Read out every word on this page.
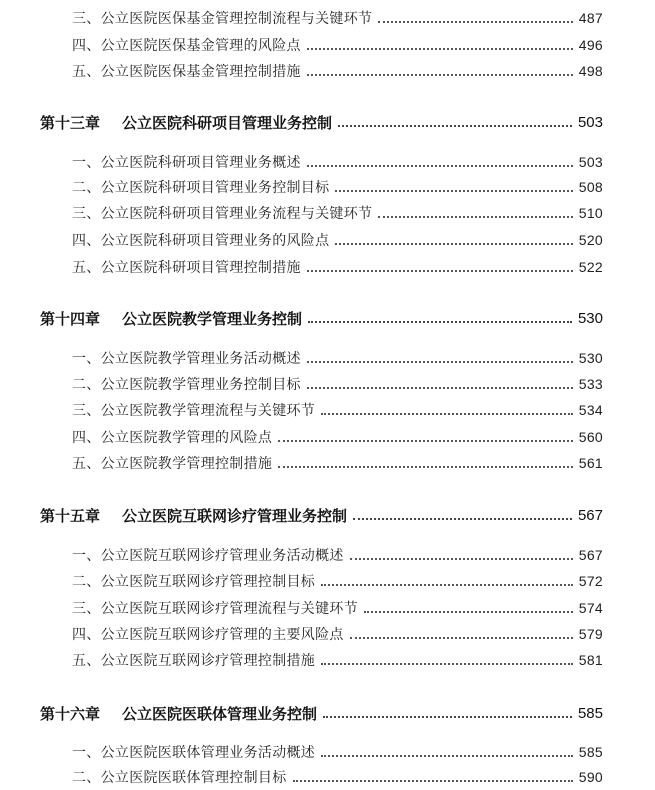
三、公立医院医保基金管理控制流程与关键环节	487
四、公立医院医保基金管理的风险点	496
五、公立医院医保基金管理控制措施	498
第十三章 公立医院科研项目管理业务控制	503
一、公立医院科研项目管理业务概述	503
二、公立医院科研项目管理业务控制目标	508
三、公立医院科研项目管理业务流程与关键环节	510
四、公立医院科研项目管理业务的风险点	520
五、公立医院科研项目管理控制措施	522
第十四章 公立医院教学管理业务控制	530
一、公立医院教学管理业务活动概述	530
二、公立医院教学管理业务控制目标	533
三、公立医院教学管理流程与关键环节	534
四、公立医院教学管理的风险点	560
五、公立医院教学管理控制措施	561
第十五章 公立医院互联网诊疗管理业务控制	567
一、公立医院互联网诊疗管理业务活动概述	567
二、公立医院互联网诊疗管理控制目标	572
三、公立医院互联网诊疗管理流程与关键环节	574
四、公立医院互联网诊疗管理的主要风险点	579
五、公立医院互联网诊疗管理控制措施	581
第十六章 公立医院医联体管理业务控制	585
一、公立医院医联体管理业务活动概述	585
二、公立医院医联体管理控制目标	590
